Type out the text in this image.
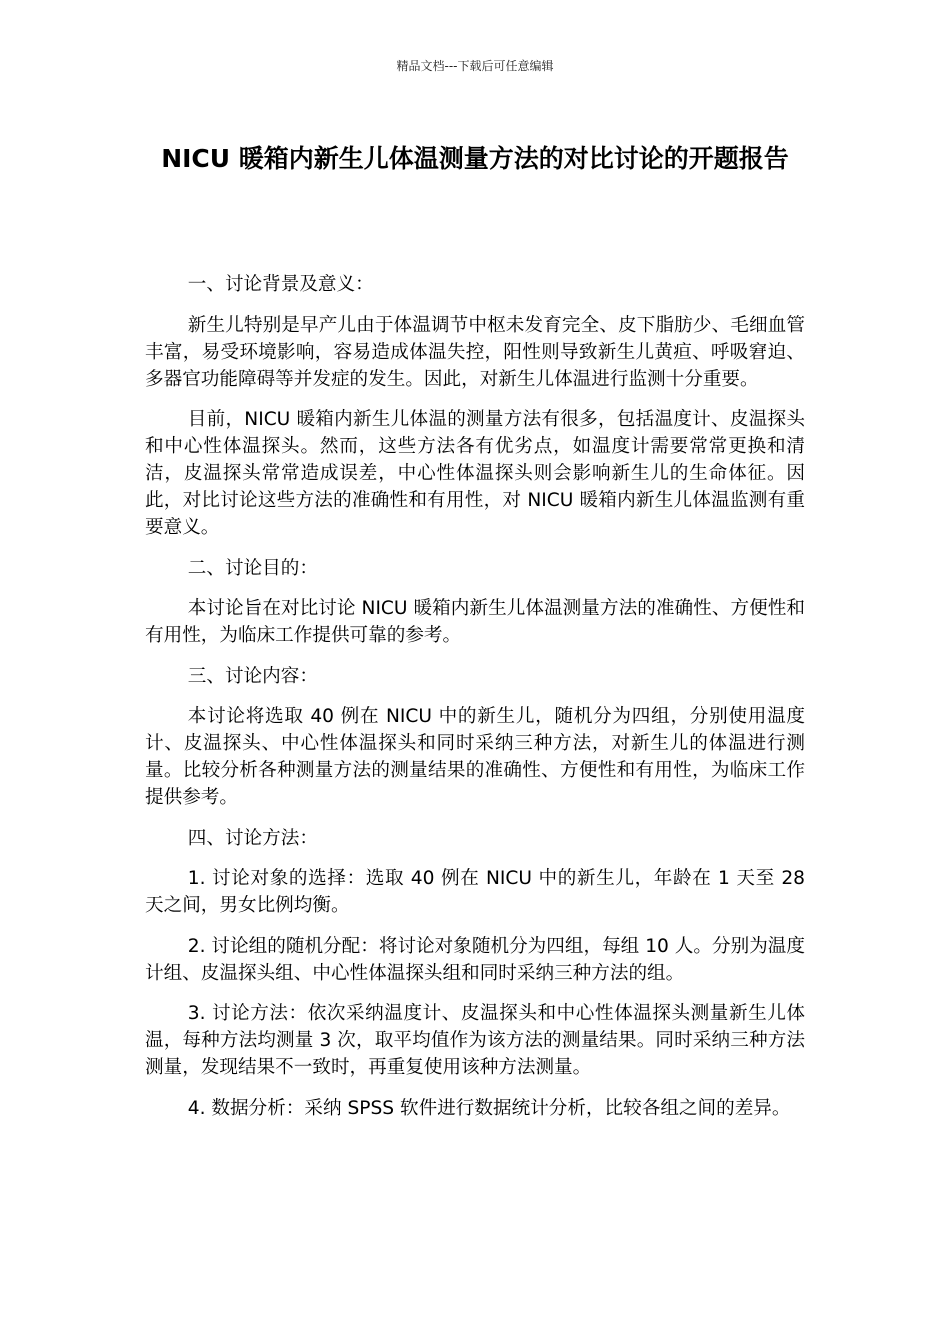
精品文档---下载后可任意编辑
NICU 暖箱内新生儿体温测量方法的对比讨论的开题报告

一、讨论背景及意义：

新生儿特别是早产儿由于体温调节中枢未发育完全、皮下脂肪少、毛细血管丰富，易受环境影响，容易造成体温失控，阳性则导致新生儿黄疸、呼吸窘迫、多器官功能障碍等并发症的发生。因此，对新生儿体温进行监测十分重要。

目前，NICU 暖箱内新生儿体温的测量方法有很多，包括温度计、皮温探头和中心性体温探头。然而，这些方法各有优劣点，如温度计需要常常更换和清洁，皮温探头常常造成误差，中心性体温探头则会影响新生儿的生命体征。因此，对比讨论这些方法的准确性和有用性，对 NICU 暖箱内新生儿体温监测有重要意义。

二、讨论目的：

本讨论旨在对比讨论 NICU 暖箱内新生儿体温测量方法的准确性、方便性和有用性，为临床工作提供可靠的参考。

三、讨论内容：

本讨论将选取 40 例在 NICU 中的新生儿，随机分为四组，分别使用温度计、皮温探头、中心性体温探头和同时采纳三种方法，对新生儿的体温进行测量。比较分析各种测量方法的测量结果的准确性、方便性和有用性，为临床工作提供参考。

四、讨论方法：

1. 讨论对象的选择：选取 40 例在 NICU 中的新生儿，年龄在 1 天至 28 天之间，男女比例均衡。

2. 讨论组的随机分配：将讨论对象随机分为四组，每组 10 人。分别为温度计组、皮温探头组、中心性体温探头组和同时采纳三种方法的组。

3. 讨论方法：依次采纳温度计、皮温探头和中心性体温探头测量新生儿体温，每种方法均测量 3 次，取平均值作为该方法的测量结果。同时采纳三种方法测量，发现结果不一致时，再重复使用该种方法测量。

4. 数据分析：采纳 SPSS 软件进行数据统计分析，比较各组之间的差异。
